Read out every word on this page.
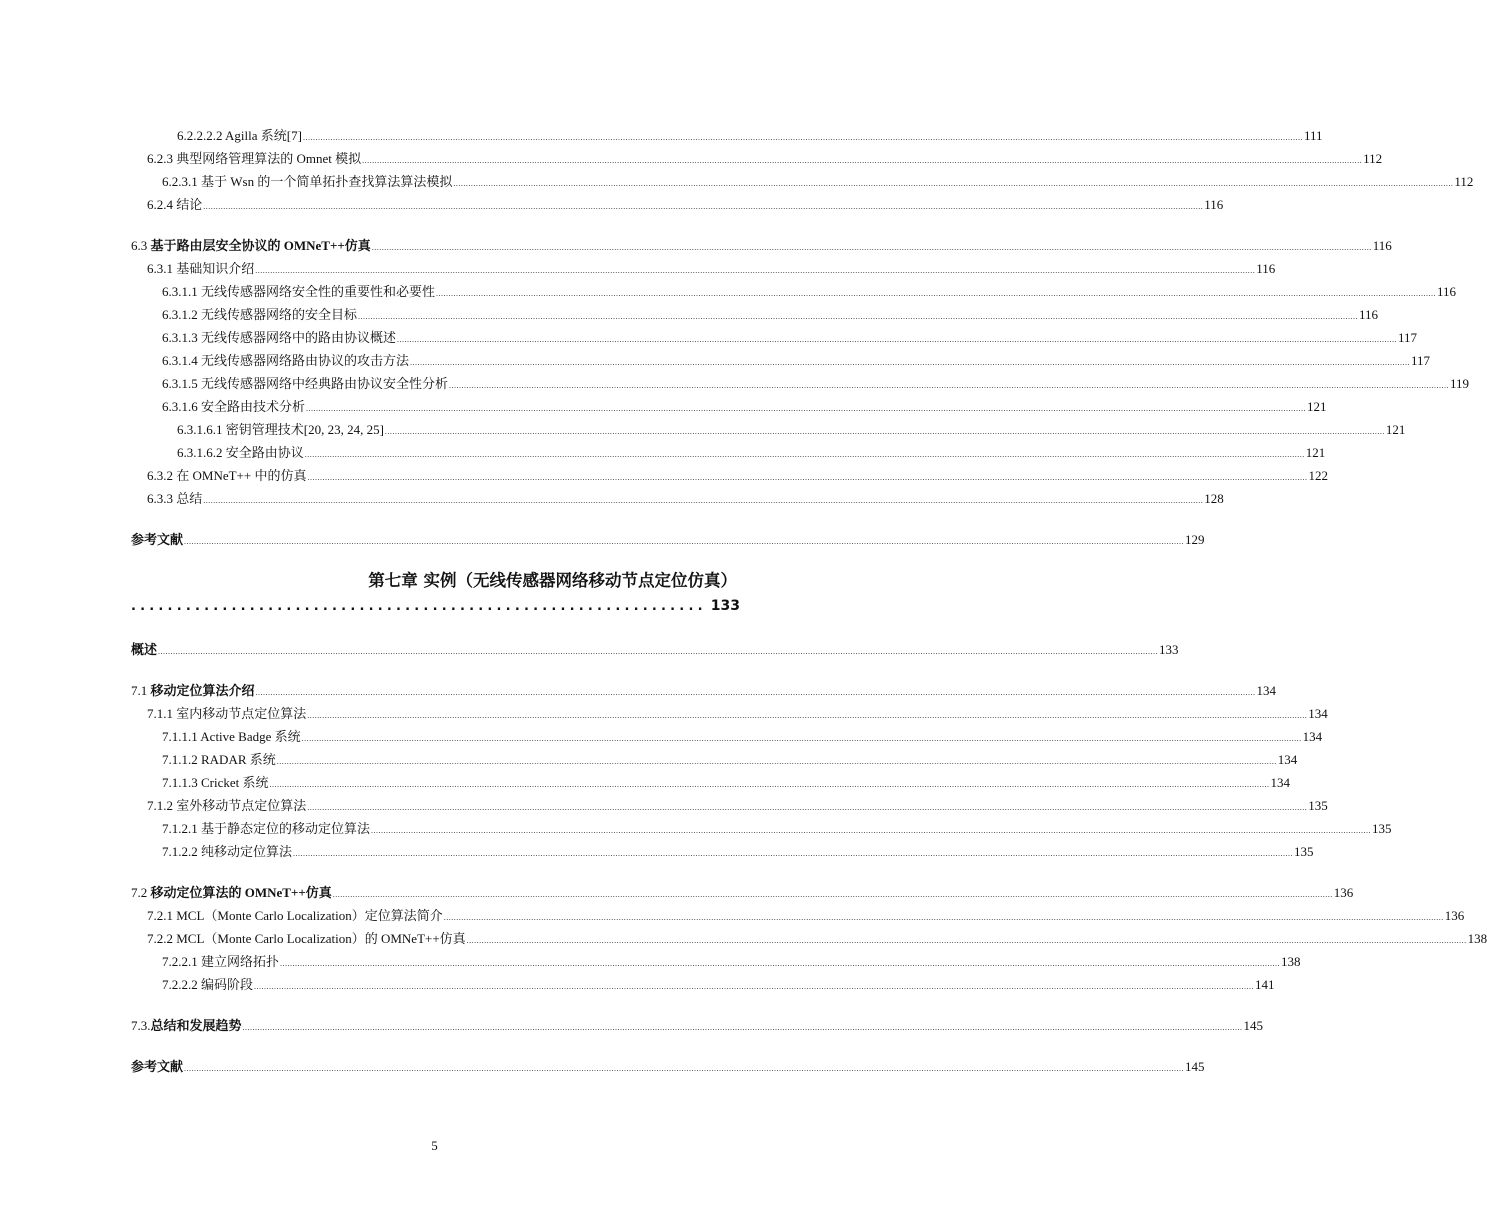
6.2.2.2.2 Agilla 系统[7] ................................................................................................................................................................................................................................................................................................................................................................................................................ 111
6.2.3 典型网络管理算法的 Omnet 模拟 ................................................................................................................................................................................................................................................................................................................................................................................................................ 112
6.2.3.1 基于 Wsn 的一个简单拓扑查找算法算法模拟 ................................................................................................................................................................................................................................................................................................................................................................................................................ 112
6.2.4 结论 ................................................................................................................................................................................................................................................................................................................................................................................................................ 116
6.3 基于路由层安全协议的 OMNeT++仿真 ................................................................................................................................................................................................................................................................................................................................................................................................................ 116
6.3.1 基础知识介绍 ................................................................................................................................................................................................................................................................................................................................................................................................................ 116
6.3.1.1 无线传感器网络安全性的重要性和必要性 ................................................................................................................................................................................................................................................................................................................................................................................................................ 116
6.3.1.2 无线传感器网络的安全目标 ................................................................................................................................................................................................................................................................................................................................................................................................................ 116
6.3.1.3 无线传感器网络中的路由协议概述 ................................................................................................................................................................................................................................................................................................................................................................................................................ 117
6.3.1.4 无线传感器网络路由协议的攻击方法 ................................................................................................................................................................................................................................................................................................................................................................................................................ 117
6.3.1.5 无线传感器网络中经典路由协议安全性分析 ................................................................................................................................................................................................................................................................................................................................................................................................................ 119
6.3.1.6 安全路由技术分析 ................................................................................................................................................................................................................................................................................................................................................................................................................ 121
6.3.1.6.1 密钥管理技术[20, 23, 24, 25] ................................................................................................................................................................................................................................................................................................................................................................................................................ 121
6.3.1.6.2 安全路由协议 ................................................................................................................................................................................................................................................................................................................................................................................................................ 121
6.3.2 在 OMNeT++ 中的仿真 ................................................................................................................................................................................................................................................................................................................................................................................................................ 122
6.3.3 总结 ................................................................................................................................................................................................................................................................................................................................................................................................................ 128
参考文献 ................................................................................................................................................................................................................................................................................................................................................................................................................ 129
第七章 实例（无线传感器网络移动节点定位仿真）
............................................................... 133
概述 ................................................................................................................................................................................................................................................................................................................................................................................................................ 133
7.1 移动定位算法介绍 ................................................................................................................................................................................................................................................................................................................................................................................................................ 134
7.1.1 室内移动节点定位算法 ................................................................................................................................................................................................................................................................................................................................................................................................................ 134
7.1.1.1 Active Badge 系统 ................................................................................................................................................................................................................................................................................................................................................................................................................ 134
7.1.1.2 RADAR 系统 ................................................................................................................................................................................................................................................................................................................................................................................................................ 134
7.1.1.3 Cricket 系统 ................................................................................................................................................................................................................................................................................................................................................................................................................ 134
7.1.2 室外移动节点定位算法 ................................................................................................................................................................................................................................................................................................................................................................................................................ 135
7.1.2.1 基于静态定位的移动定位算法 ................................................................................................................................................................................................................................................................................................................................................................................................................ 135
7.1.2.2 纯移动定位算法 ................................................................................................................................................................................................................................................................................................................................................................................................................ 135
7.2 移动定位算法的 OMNeT++仿真 ................................................................................................................................................................................................................................................................................................................................................................................................................ 136
7.2.1 MCL（Monte Carlo Localization）定位算法简介 ................................................................................................................................................................................................................................................................................................................................................................................................................ 136
7.2.2 MCL（Monte Carlo Localization）的 OMNeT++仿真 ................................................................................................................................................................................................................................................................................................................................................................................................................ 138
7.2.2.1 建立网络拓扑 ................................................................................................................................................................................................................................................................................................................................................................................................................ 138
7.2.2.2 编码阶段 ................................................................................................................................................................................................................................................................................................................................................................................................................ 141
7.3.总结和发展趋势 ................................................................................................................................................................................................................................................................................................................................................................................................................ 145
参考文献 ................................................................................................................................................................................................................................................................................................................................................................................................................ 145
5
